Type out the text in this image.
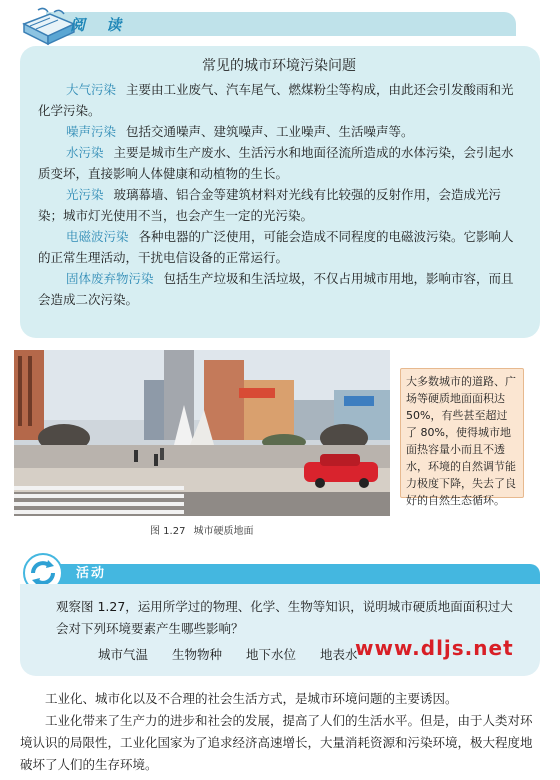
阅 读
常见的城市环境污染问题

大气污染 主要由工业废气、汽车尾气、燃煤粉尘等构成，由此还会引发酸雨和光化学污染。

噪声污染 包括交通噪声、建筑噪声、工业噪声、生活噪声等。

水污染 主要是城市生产废水、生活污水和地面径流所造成的水体污染，会引起水质变坏，直接影响人体健康和动植物的生长。

光污染 玻璃幕墙、铝合金等建筑材料对光线有比较强的反射作用，会造成光污染；城市灯光使用不当，也会产生一定的光污染。

电磁波污染 各种电器的广泛使用，可能会造成不同程度的电磁波污染。它影响人的正常生理活动，干扰电信设备的正常运行。

固体废弃物污染 包括生产垃圾和生活垃圾，不仅占用城市用地，影响市容，而且会造成二次污染。

图 1.27 城市硬质地面
大多数城市的道路、广场等硬质地面面积达 50%，有些甚至超过了 80%，使得城市地面热容量小而且不透水，环境的自然调节能力极度下降，失去了良好的自然生态循环。
活动
观察图 1.27，运用所学过的物理、化学、生物等知识，说明城市硬质地面面积过大会对下列环境要素产生哪些影响？
城市气温 生物物种 地下水位 地表水
www.dljs.net

工业化、城市化以及不合理的社会生活方式，是城市环境问题的主要诱因。

工业化带来了生产力的进步和社会的发展，提高了人们的生活水平。但是，由于人类对环境认识的局限性，工业化国家为了追求经济高速增长，大量消耗资源和污染环境，极大程度地破坏了人们的生存环境。
